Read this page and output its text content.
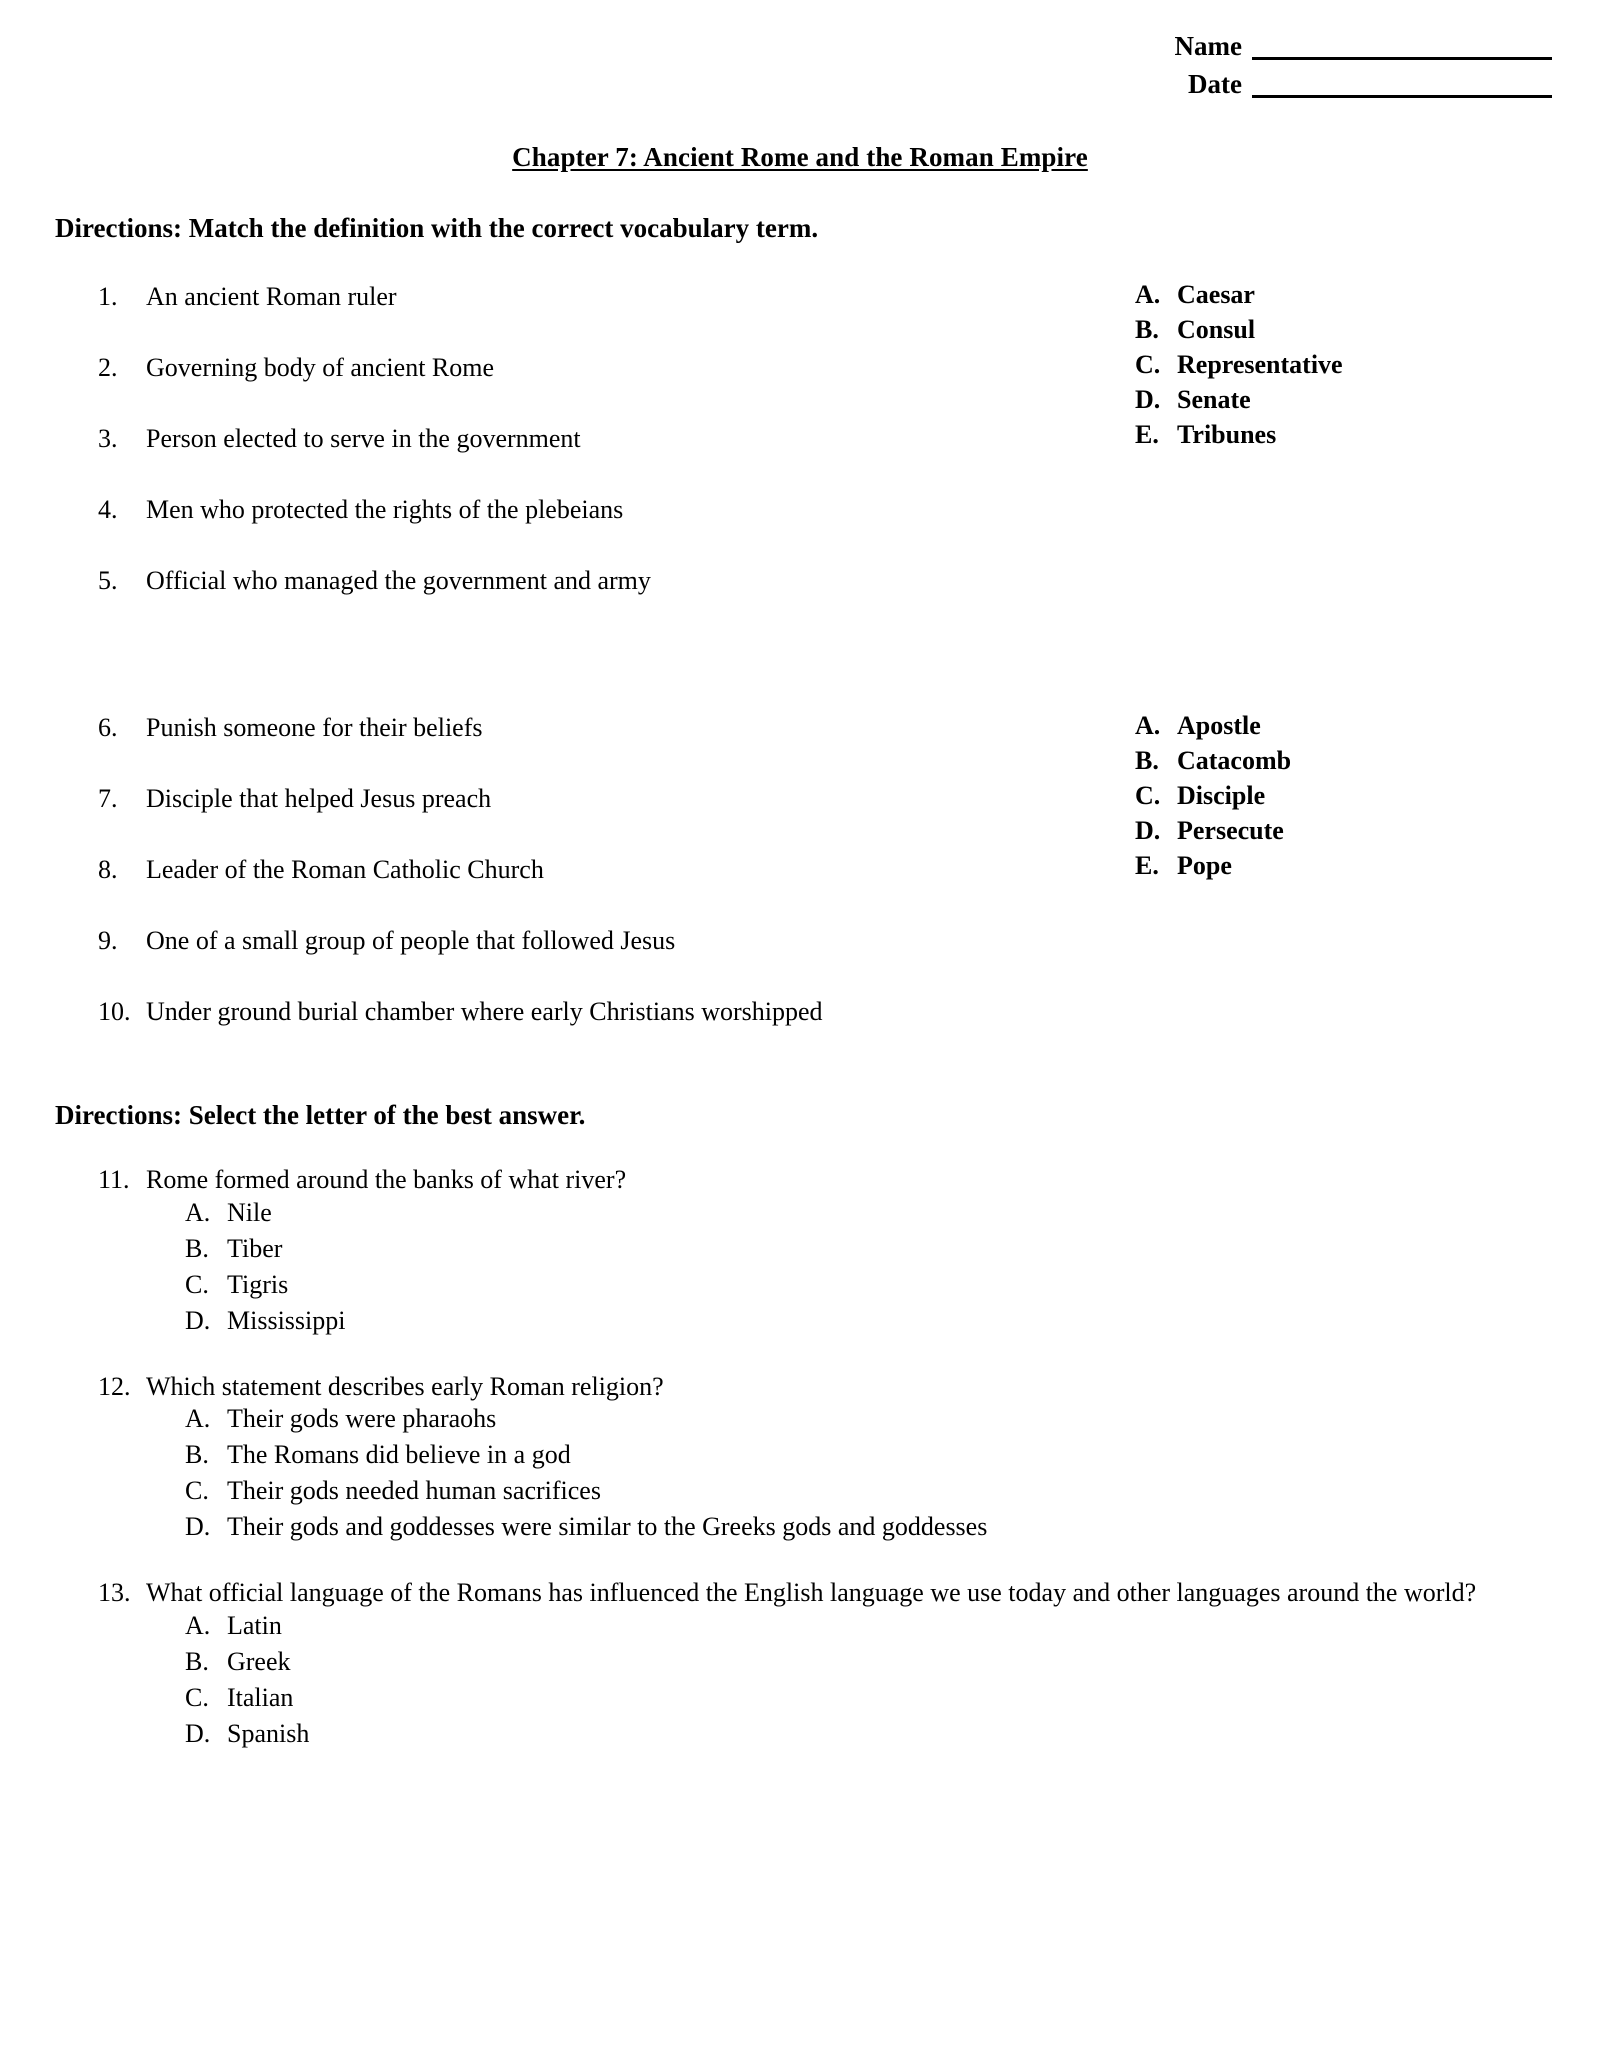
Name
Date
Chapter 7: Ancient Rome and the Roman Empire
Directions: Match the definition with the correct vocabulary term.
1.	An ancient Roman ruler
2.	Governing body of ancient Rome
3.	Person elected to serve in the government
4.	Men who protected the rights of the plebeians
5.	Official who managed the government and army
A. Caesar
B. Consul
C. Representative
D. Senate
E. Tribunes
6.	Punish someone for their beliefs
7.	Disciple that helped Jesus preach
8.	Leader of the Roman Catholic Church
9.	One of a small group of people that followed Jesus
10. Under ground burial chamber where early Christians worshipped
A. Apostle
B. Catacomb
C. Disciple
D. Persecute
E. Pope
Directions: Select the letter of the best answer.
11. Rome formed around the banks of what river?
A. Nile
B. Tiber
C. Tigris
D. Mississippi
12. Which statement describes early Roman religion?
A. Their gods were pharaohs
B. The Romans did believe in a god
C. Their gods needed human sacrifices
D. Their gods and goddesses were similar to the Greeks gods and goddesses
13. What official language of the Romans has influenced the English language we use today and other languages around the world?
A. Latin
B. Greek
C. Italian
D. Spanish
